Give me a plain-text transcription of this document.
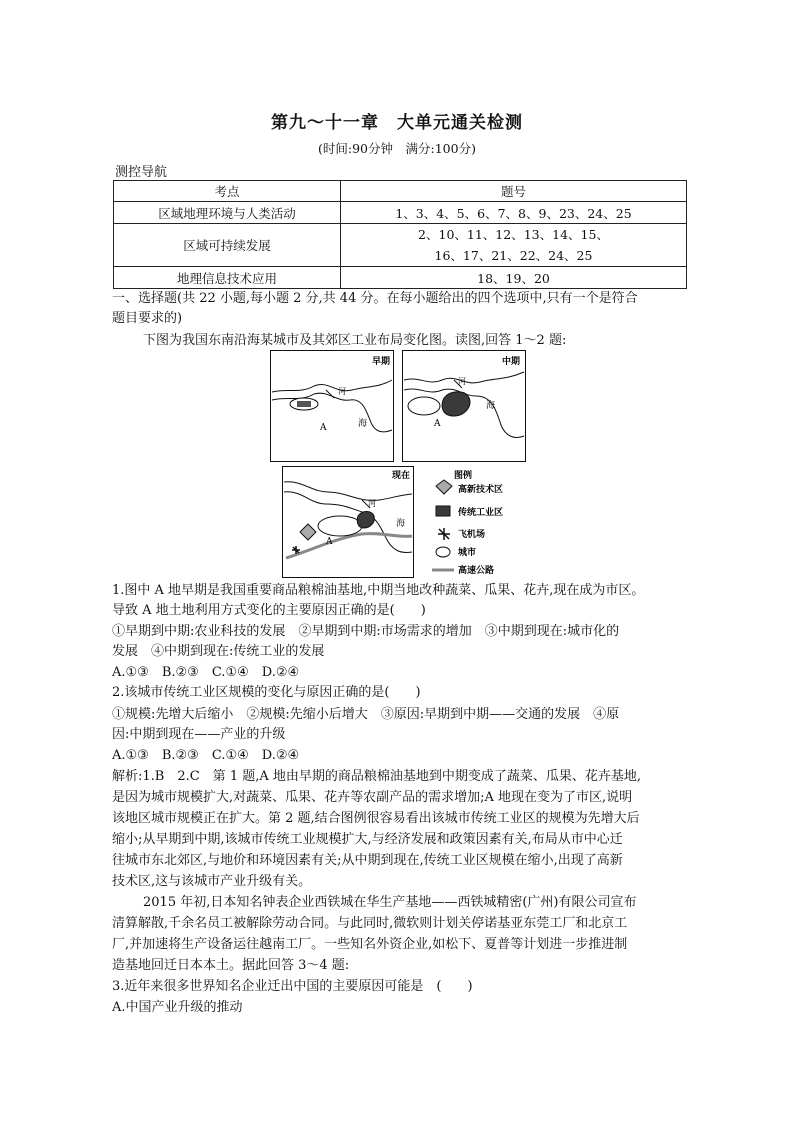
第九～十一章　大单元通关检测
(时间:90分钟　满分:100分)
测控导航
考点	题号
区域地理环境与人类活动	1、3、4、5、6、7、8、9、23、24、25
区域可持续发展	2、10、11、12、13、14、15、
16、17、21、22、24、25

地理信息技术应用	18、19、20
一、选择题(共 22 小题,每小题 2 分,共 44 分。在每小题给出的四个选项中,只有一个是符合
题目要求的)
下图为我国东南沿海某城市及其郊区工业布局变化图。读图,回答 1～2 题:
早期
河
海
A
中期
河
海
A
现在
河
海
A
图例
高新技术区
传统工业区
飞机场
城市
高速公路
1.图中 A 地早期是我国重要商品粮棉油基地,中期当地改种蔬菜、瓜果、花卉,现在成为市区。
导致 A 地土地利用方式变化的主要原因正确的是(　　)
①早期到中期:农业科技的发展　②早期到中期:市场需求的增加　③中期到现在:城市化的
发展　④中期到现在:传统工业的发展
A.①③　B.②③　C.①④　D.②④
2.该城市传统工业区规模的变化与原因正确的是(　　)
①规模:先增大后缩小　②规模:先缩小后增大　③原因:早期到中期——交通的发展　④原
因:中期到现在——产业的升级
A.①③　B.②③　C.①④　D.②④
解析:1.B　2.C　第 1 题,A 地由早期的商品粮棉油基地到中期变成了蔬菜、瓜果、花卉基地,
是因为城市规模扩大,对蔬菜、瓜果、花卉等农副产品的需求增加;A 地现在变为了市区,说明
该地区城市规模正在扩大。第 2 题,结合图例很容易看出该城市传统工业区的规模为先增大后
缩小;从早期到中期,该城市传统工业规模扩大,与经济发展和政策因素有关,布局从市中心迁
往城市东北郊区,与地价和环境因素有关;从中期到现在,传统工业区规模在缩小,出现了高新
技术区,这与该城市产业升级有关。
2015 年初,日本知名钟表企业西铁城在华生产基地——西铁城精密(广州)有限公司宣布
清算解散,千余名员工被解除劳动合同。与此同时,微软则计划关停诺基亚东莞工厂和北京工
厂,并加速将生产设备运往越南工厂。一些知名外资企业,如松下、夏普等计划进一步推进制
造基地回迁日本本土。据此回答 3～4 题:
3.近年来很多世界知名企业迁出中国的主要原因可能是　(　　)
A.中国产业升级的推动
